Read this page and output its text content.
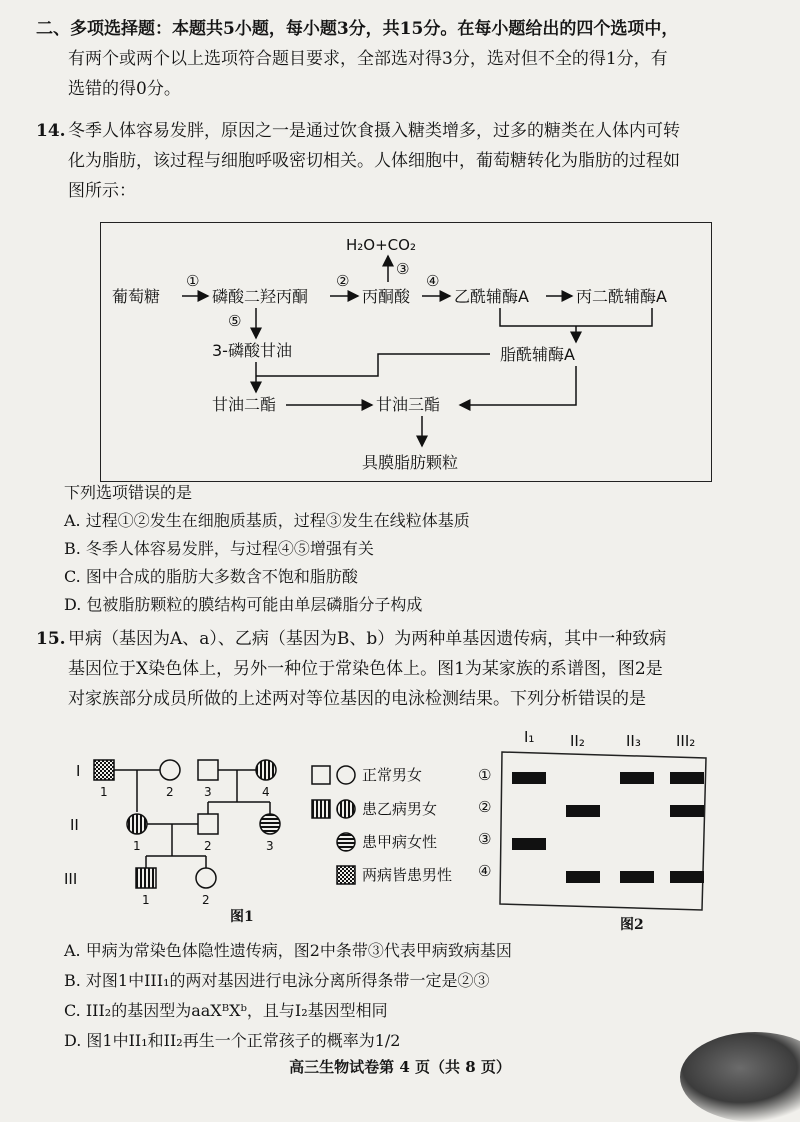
二、多项选择题：本题共5小题，每小题3分，共15分。在每小题给出的四个选项中，
有两个或两个以上选项符合题目要求，全部选对得3分，选对但不全的得1分，有
选错的得0分。
14. 冬季人体容易发胖，原因之一是通过饮食摄入糖类增多，过多的糖类在人体内可转
化为脂肪，该过程与细胞呼吸密切相关。人体细胞中，葡萄糖转化为脂肪的过程如
图所示：
葡萄糖
①
磷酸二羟丙酮
②
丙酮酸
④
乙酰辅酶A	丙二酰辅酶A
③
H₂O+CO₂
脂酰辅酶A
⑤
3-磷酸甘油
甘油二酯	甘油三酯
具膜脂肪颗粒
下列选项错误的是
A. 过程①②发生在细胞质基质，过程③发生在线粒体基质
B. 冬季人体容易发胖，与过程④⑤增强有关
C. 图中合成的脂肪大多数含不饱和脂肪酸
D. 包被脂肪颗粒的膜结构可能由单层磷脂分子构成
15. 甲病（基因为A、a）、乙病（基因为B、b）为两种单基因遗传病，其中一种致病
基因位于X染色体上，另外一种位于常染色体上。图1为某家族的系谱图，图2是
对家族部分成员所做的上述两对等位基因的电泳检测结果。下列分析错误的是
I
II
III
1	2	3	4
1	2	3
1	2
正常男女
患乙病男女
患甲病女性
两病皆患男性
图1
I₁ II₂	II₃ III₂
①
②
③
④
图2
A. 甲病为常染色体隐性遗传病，图2中条带③代表甲病致病基因
B. 对图1中III₁的两对基因进行电泳分离所得条带一定是②③
C. III₂的基因型为aaXᴮXᵇ，且与I₂基因型相同
D. 图1中II₁和II₂再生一个正常孩子的概率为1/2
高三生物试卷第 4 页（共 8 页）
